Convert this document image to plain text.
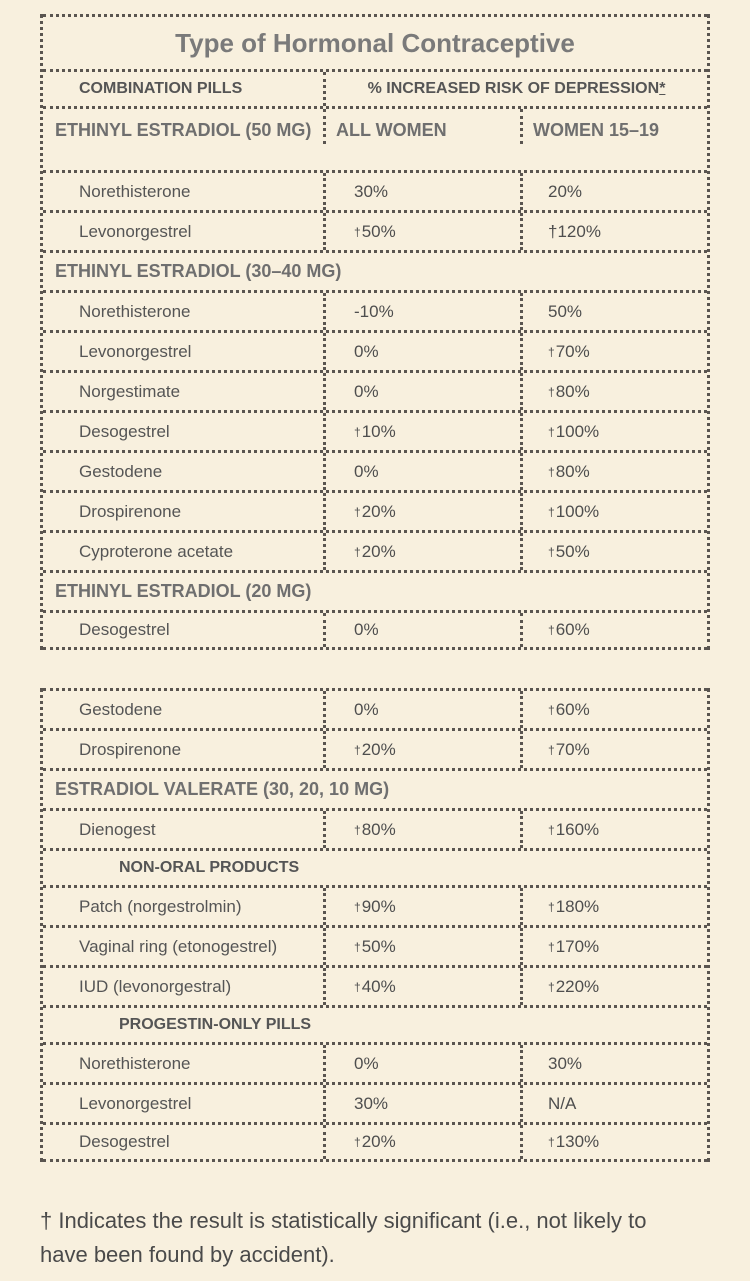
Type of Hormonal Contraceptive
COMBINATION PILLS	% INCREASED RISK OF DEPRESSION *
ETHINYL ESTRADIOL (50 MG)	ALL WOMEN	WOMEN 15–19
Norethisterone	30%	20%
Levonorgestrel	† 50%	†120%
ETHINYL ESTRADIOL (30–40 MG)
Norethisterone	-10%	50%
Levonorgestrel	0%	† 70%
Norgestimate	0%	† 80%
Desogestrel	† 10%	† 100%
Gestodene	0%	† 80%
Drospirenone	† 20%	† 100%
Cyproterone acetate	† 20%	† 50%
ETHINYL ESTRADIOL (20 MG)
Desogestrel	0%	† 60%
Gestodene	0%	† 60%
Drospirenone	† 20%	† 70%
ESTRADIOL VALERATE (30, 20, 10 MG)
Dienogest	† 80%	† 160%
NON-ORAL PRODUCTS
Patch (norgestrolmin)	† 90%	† 180%
Vaginal ring (etonogestrel)	† 50%	† 170%
IUD (levonorgestral)	† 40%	† 220%
PROGESTIN-ONLY PILLS
Norethisterone	0%	30%
Levonorgestrel	30%	N/A
Desogestrel	† 20%	† 130%
† Indicates the result is statistically significant (i.e., not likely to have been found by accident).
